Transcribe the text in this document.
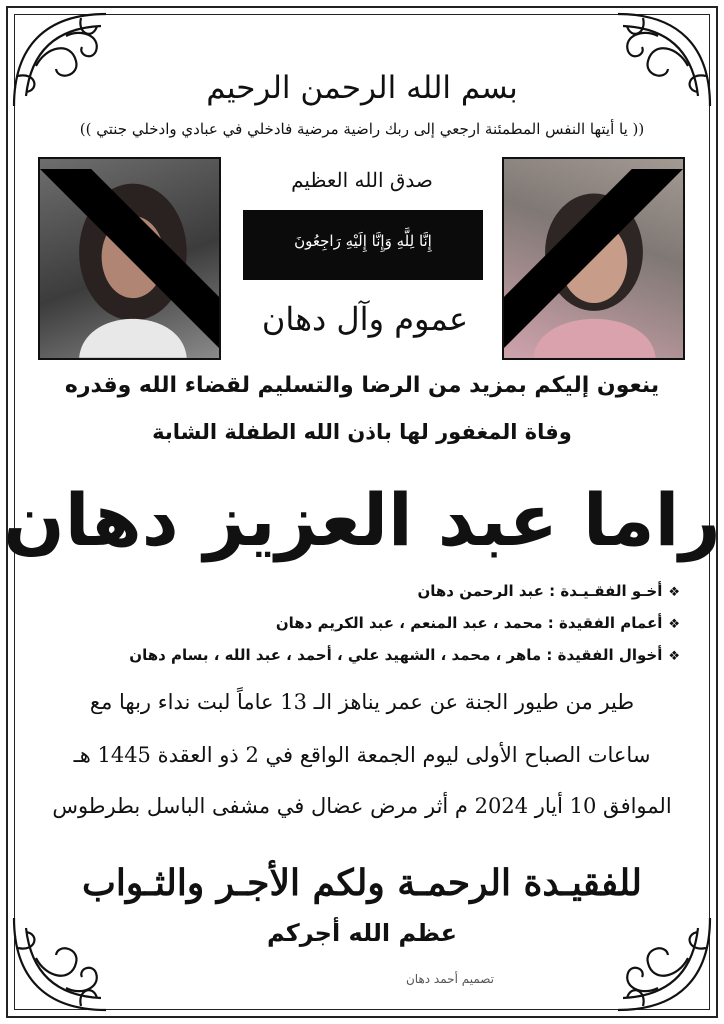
بسم الله الرحمن الرحيم
(( يا أيتها النفس المطمئنة ارجعي إلى ربك راضية مرضية فادخلي في عبادي وادخلي جنتي ))
صدق الله العظيم
إِنَّا لِلَّهِ وَإِنَّا إِلَيْهِ رَاجِعُونَ
عموم وآل دهان
ينعون إليكم بمزيد من الرضا والتسليم لقضاء الله وقدره
وفاة المغفور لها باذن الله الطفلة الشابة
راما عبد العزيز دهان
❖أخـو الفقـيـدة : عبد الرحمن دهان
❖أعمام الفقيدة : محمد ، عبد المنعم ، عبد الكريم دهان
❖أخوال الفقيدة : ماهر ، محمد ، الشهيد علي ، أحمد ، عبد الله ، بسام دهان
طير من طيور الجنة عن عمر يناهز الـ 13 عاماً لبت نداء ربها مع
ساعات الصباح الأولى ليوم الجمعة الواقع في 2 ذو العقدة 1445 هـ
الموافق 10 أيار 2024 م أثر مرض عضال في مشفى الباسل بطرطوس
للفقيـدة الرحمـة ولكم الأجـر والثـواب
عظم الله أجركم
تصميم أحمد دهان
